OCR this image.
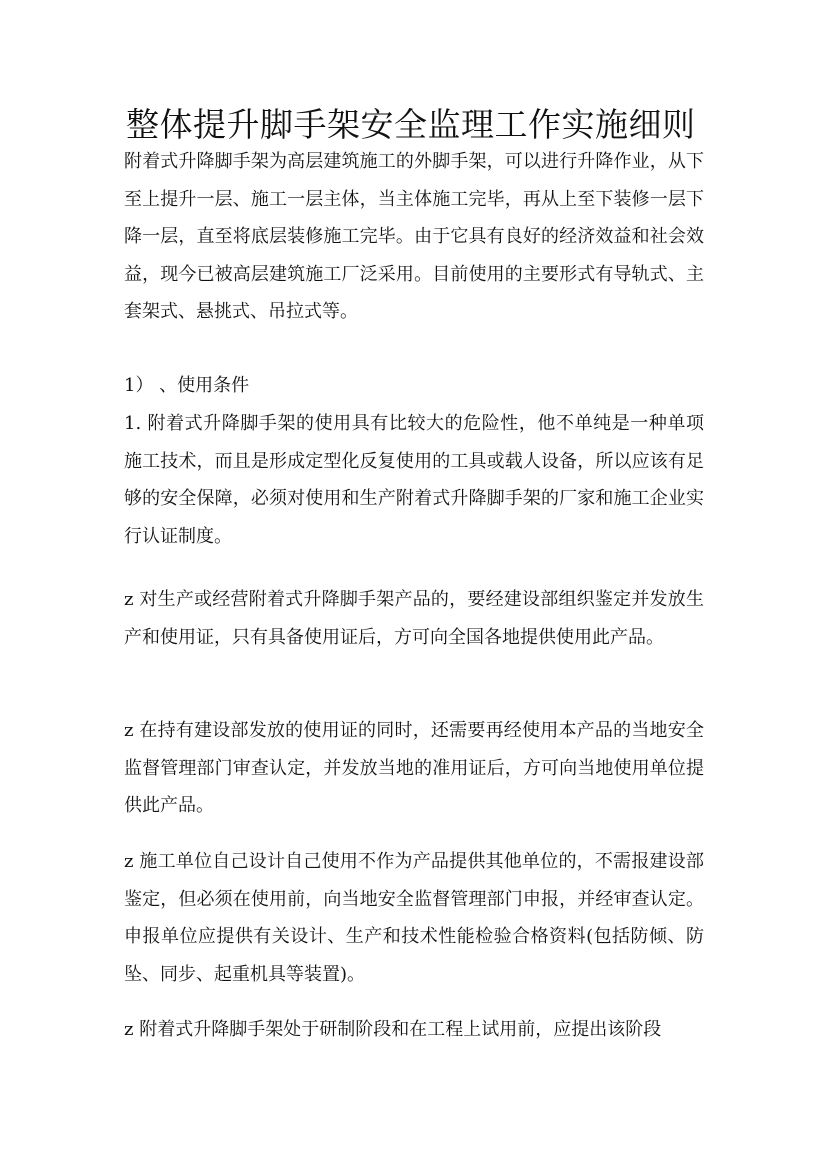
整体提升脚手架安全监理工作实施细则

附着式升降脚手架为高层建筑施工的外脚手架，可以进行升降作业，从下至上提升一层、施工一层主体，当主体施工完毕，再从上至下装修一层下降一层，直至将底层装修施工完毕。由于它具有良好的经济效益和社会效益，现今已被高层建筑施工厂泛采用。目前使用的主要形式有导轨式、主套架式、悬挑式、吊拉式等。

1） 、使用条件

1. 附着式升降脚手架的使用具有比较大的危险性，他不单纯是一种单项施工技术，而且是形成定型化反复使用的工具或载人设备，所以应该有足够的安全保障，必须对使用和生产附着式升降脚手架的厂家和施工企业实行认证制度。

z 对生产或经营附着式升降脚手架产品的，要经建设部组织鉴定并发放生产和使用证，只有具备使用证后，方可向全国各地提供使用此产品。

z 在持有建设部发放的使用证的同时，还需要再经使用本产品的当地安全监督管理部门审查认定，并发放当地的准用证后，方可向当地使用单位提供此产品。

z 施工单位自己设计自己使用不作为产品提供其他单位的，不需报建设部鉴定，但必须在使用前，向当地安全监督管理部门申报，并经审查认定。申报单位应提供有关设计、生产和技术性能检验合格资料(包括防倾、防坠、同步、起重机具等装置)。

z 附着式升降脚手架处于研制阶段和在工程上试用前，应提出该阶段
